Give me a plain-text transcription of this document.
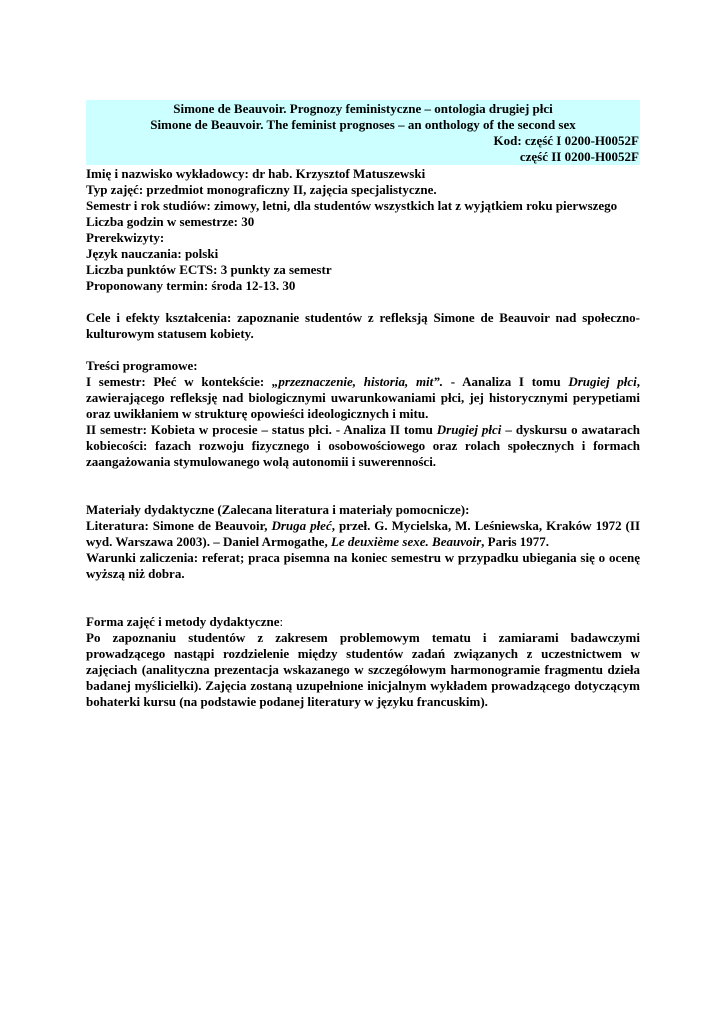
Simone de Beauvoir. Prognozy feministyczne – ontologia drugiej płci
Simone de Beauvoir. The feminist prognoses – an onthology of the second sex
Kod: część I 0200-H0052F
część II 0200-H0052F
Imię i nazwisko wykładowcy: dr hab. Krzysztof Matuszewski
Typ zajęć: przedmiot monograficzny II, zajęcia specjalistyczne.
Semestr i rok studiów: zimowy, letni, dla studentów wszystkich lat z wyjątkiem roku pierwszego
Liczba godzin w semestrze: 30
Prerekwizyty:
Język nauczania: polski
Liczba punktów ECTS: 3 punkty za semestr
Proponowany termin: środa 12-13. 30
Cele i efekty kształcenia: zapoznanie studentów z refleksją Simone de Beauvoir nad społeczno-kulturowym statusem kobiety.
Treści programowe:
I semestr: Płeć w kontekście: „przeznaczenie, historia, mit”. - Aanaliza I tomu Drugiej płci, zawierającego refleksję nad biologicznymi uwarunkowaniami płci, jej historycznymi perypetiami oraz uwikłaniem w strukturę opowieści ideologicznych i mitu.
II semestr: Kobieta w procesie – status płci. - Analiza II tomu Drugiej płci – dyskursu o awatarach kobiecości: fazach rozwoju fizycznego i osobowościowego oraz rolach społecznych i formach zaangażowania stymulowanego wolą autonomii i suwerenności.
Materiały dydaktyczne (Zalecana literatura i materiały pomocnicze):
Literatura: Simone de Beauvoir, Druga płeć, przeł. G. Mycielska, M. Leśniewska, Kraków 1972 (II wyd. Warszawa 2003). – Daniel Armogathe, Le deuxième sexe. Beauvoir, Paris 1977.
Warunki zaliczenia: referat; praca pisemna na koniec semestru w przypadku ubiegania się o ocenę wyższą niż dobra.
Forma zajęć i metody dydaktyczne:
Po zapoznaniu studentów z zakresem problemowym tematu i zamiarami badawczymi prowadzącego nastąpi rozdzielenie między studentów zadań związanych z uczestnictwem w zajęciach (analityczna prezentacja wskazanego w szczegółowym harmonogramie fragmentu dzieła badanej myślicielki). Zajęcia zostaną uzupełnione inicjalnym wykładem prowadzącego dotyczącym bohaterki kursu (na podstawie podanej literatury w języku francuskim).
